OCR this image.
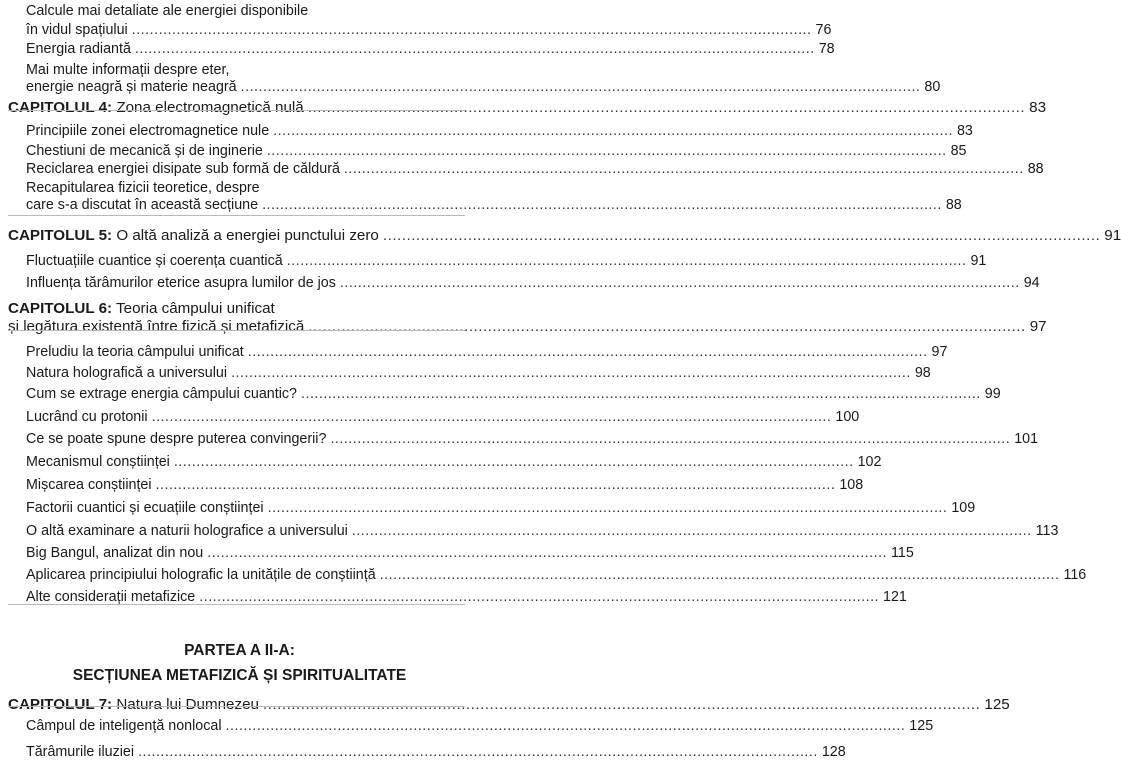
Calcule mai detaliate ale energiei disponibile
în vidul spațiului ........................................................................................................................................................ 76
Energia radiantă ........................................................................................................................................................ 78
Mai multe informații despre eter,
energie neagră și materie neagră ........................................................................................................................................................ 80
CAPITOLUL 4: Zona electromagnetică nulă ........................................................................................................................................................ 83
Principiile zonei electromagnetice nule ........................................................................................................................................................ 83
Chestiuni de mecanică și de inginerie ........................................................................................................................................................ 85
Reciclarea energiei disipate sub formă de căldură ........................................................................................................................................................ 88
Recapitularea fizicii teoretice, despre
care s-a discutat în această secțiune ........................................................................................................................................................ 88
CAPITOLUL 5: O altă analiză a energiei punctului zero ........................................................................................................................................................ 91
Fluctuațiile cuantice și coerența cuantică ........................................................................................................................................................ 91
Influența tărâmurilor eterice asupra lumilor de jos ........................................................................................................................................................ 94
CAPITOLUL 6: Teoria câmpului unificat
și legătura existentă între fizică și metafizică ........................................................................................................................................................ 97
Preludiu la teoria câmpului unificat ........................................................................................................................................................ 97
Natura holografică a universului ........................................................................................................................................................ 98
Cum se extrage energia câmpului cuantic? ........................................................................................................................................................ 99
Lucrând cu protonii ........................................................................................................................................................ 100
Ce se poate spune despre puterea convingerii? ........................................................................................................................................................ 101
Mecanismul conștiinței ........................................................................................................................................................ 102
Mișcarea conștiinței ........................................................................................................................................................ 108
Factorii cuantici și ecuațiile conștiinței ........................................................................................................................................................ 109
O altă examinare a naturii holografice a universului ........................................................................................................................................................ 113
Big Bangul, analizat din nou ........................................................................................................................................................ 115
Aplicarea principiului holografic la unitățile de conștiință ........................................................................................................................................................ 116
Alte considerații metafizice ........................................................................................................................................................ 121
PARTEA A II-A:
SECȚIUNEA METAFIZICĂ ȘI SPIRITUALITATE
CAPITOLUL 7: Natura lui Dumnezeu ........................................................................................................................................................ 125
Câmpul de inteligență nonlocal ........................................................................................................................................................ 125
Tărâmurile iluziei ........................................................................................................................................................ 128
